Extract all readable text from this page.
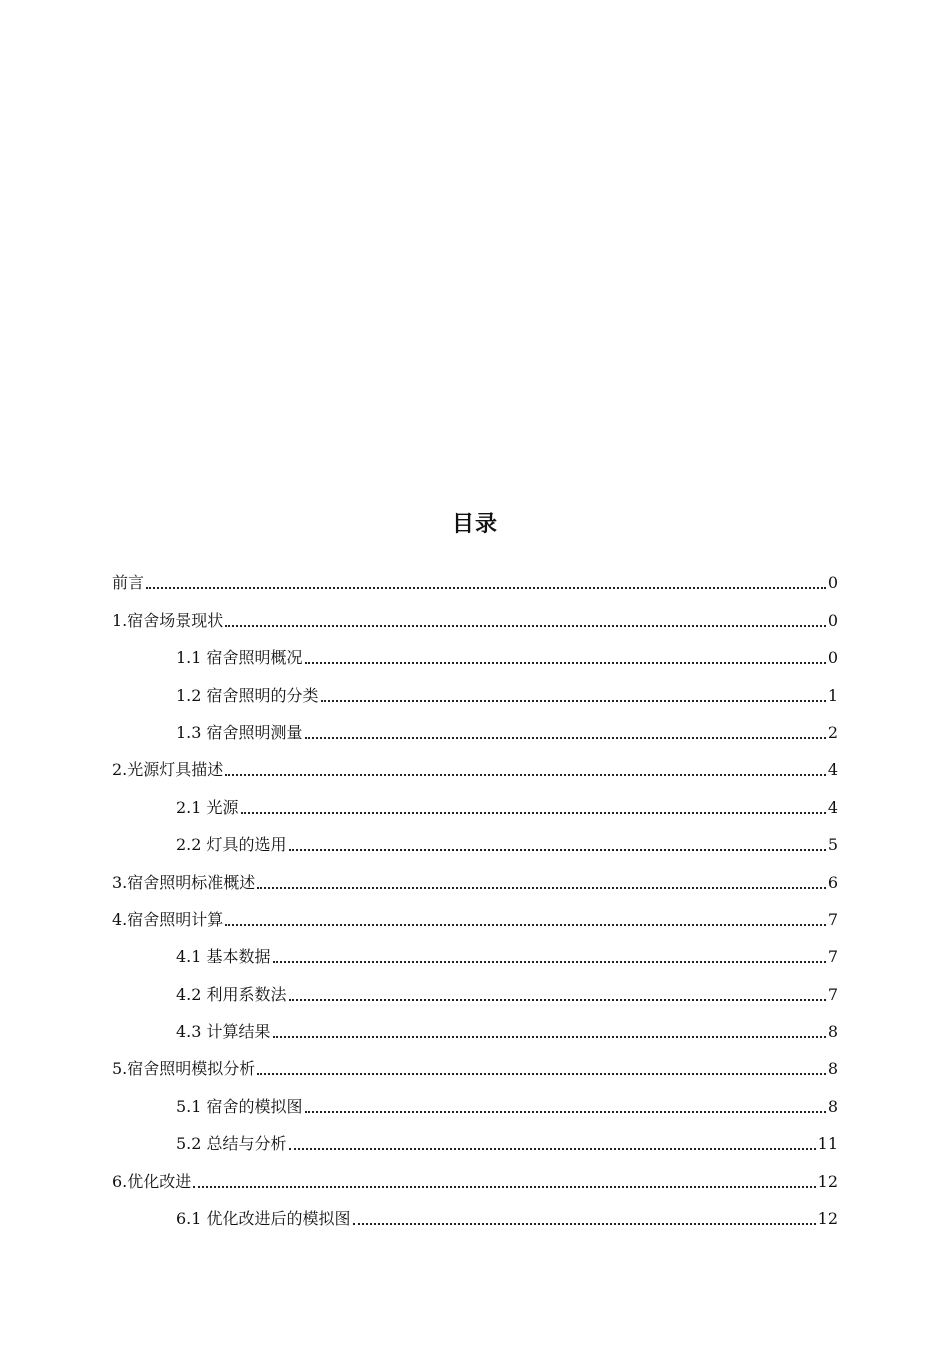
目录
前言	0
1.宿舍场景现状	0
1.1 宿舍照明概况	0
1.2 宿舍照明的分类	1
1.3 宿舍照明测量	2
2.光源灯具描述	4
2.1 光源	4
2.2 灯具的选用	5
3.宿舍照明标准概述	6
4.宿舍照明计算	7
4.1 基本数据	7
4.2 利用系数法	7
4.3 计算结果	8
5.宿舍照明模拟分析	8
5.1 宿舍的模拟图	8
5.2 总结与分析	11
6.优化改进	12
6.1 优化改进后的模拟图	12
